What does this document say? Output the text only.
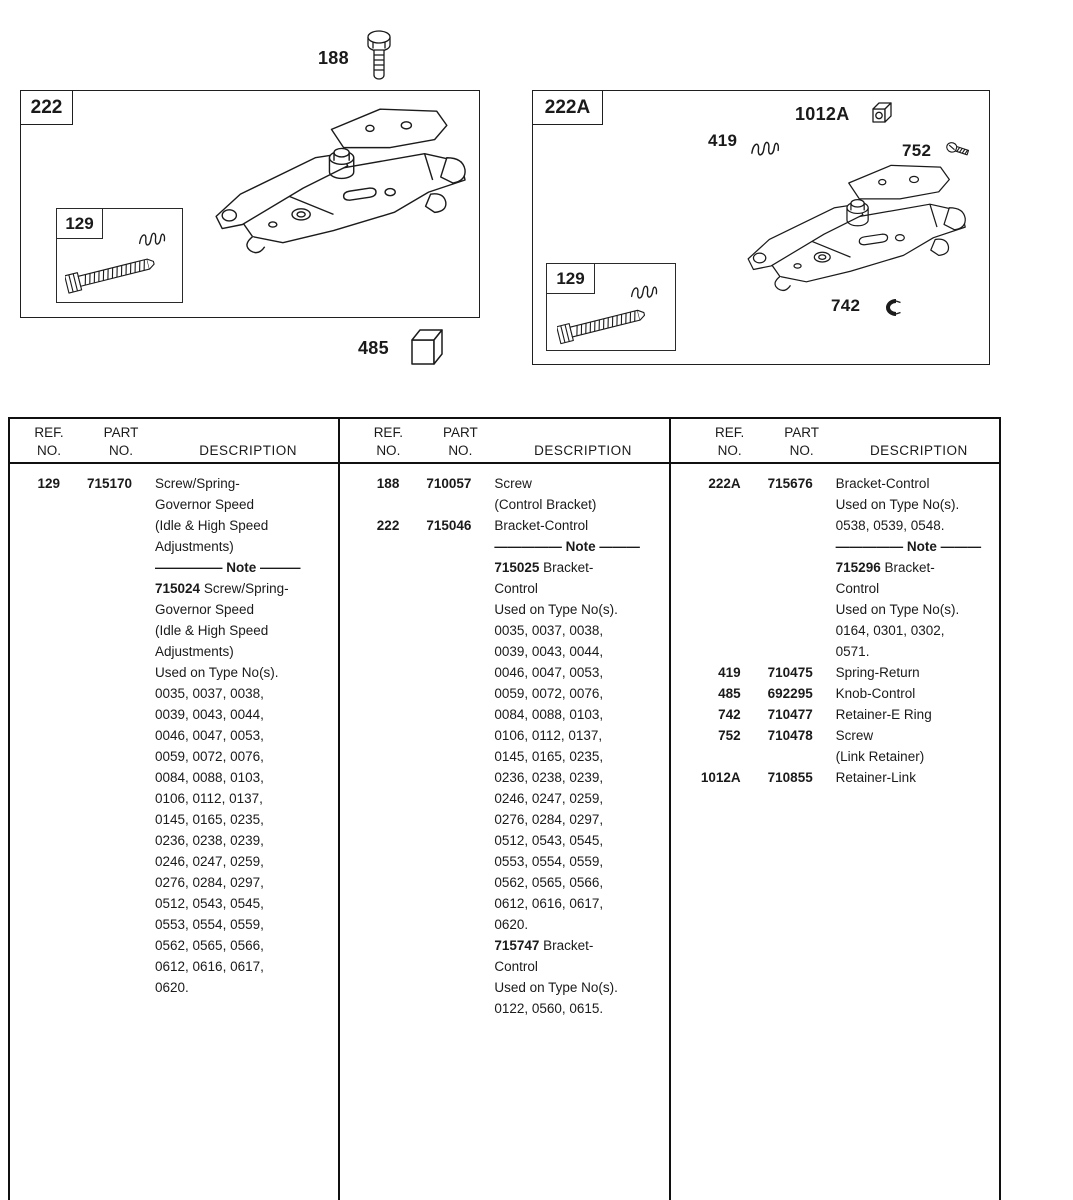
188
222
129
485
222A	1012A
419
752
129
742
REF.	PART
NO.	NO.	DESCRIPTION
129 715170	Screw/Spring-
Governor Speed
(Idle & High Speed
Adjustments)
————— Note ———
715024 Screw/Spring-
Governor Speed
(Idle & High Speed
Adjustments)
Used on Type No(s).
0035, 0037, 0038,
0039, 0043, 0044,
0046, 0047, 0053,
0059, 0072, 0076,
0084, 0088, 0103,
0106, 0112, 0137,
0145, 0165, 0235,
0236, 0238, 0239,
0246, 0247, 0259,
0276, 0284, 0297,
0512, 0543, 0545,
0553, 0554, 0559,
0562, 0565, 0566,
0612, 0616, 0617,
0620.
REF.	PART
NO.	NO.	DESCRIPTION
188 710057	Screw
(Control Bracket)
222 715046	Bracket-Control
————— Note ———
715025 Bracket-
Control
Used on Type No(s).
0035, 0037, 0038,
0039, 0043, 0044,
0046, 0047, 0053,
0059, 0072, 0076,
0084, 0088, 0103,
0106, 0112, 0137,
0145, 0165, 0235,
0236, 0238, 0239,
0246, 0247, 0259,
0276, 0284, 0297,
0512, 0543, 0545,
0553, 0554, 0559,
0562, 0565, 0566,
0612, 0616, 0617,
0620.
715747 Bracket-
Control
Used on Type No(s).
0122, 0560, 0615.
REF.	PART
NO.	NO.	DESCRIPTION
222A 715676	Bracket-Control
Used on Type No(s).
0538, 0539, 0548.
————— Note ———
715296 Bracket-
Control
Used on Type No(s).
0164, 0301, 0302,
0571.
419 710475	Spring-Return
485 692295	Knob-Control
742 710477	Retainer-E Ring
752 710478	Screw
(Link Retainer)
1012A 710855	Retainer-Link
